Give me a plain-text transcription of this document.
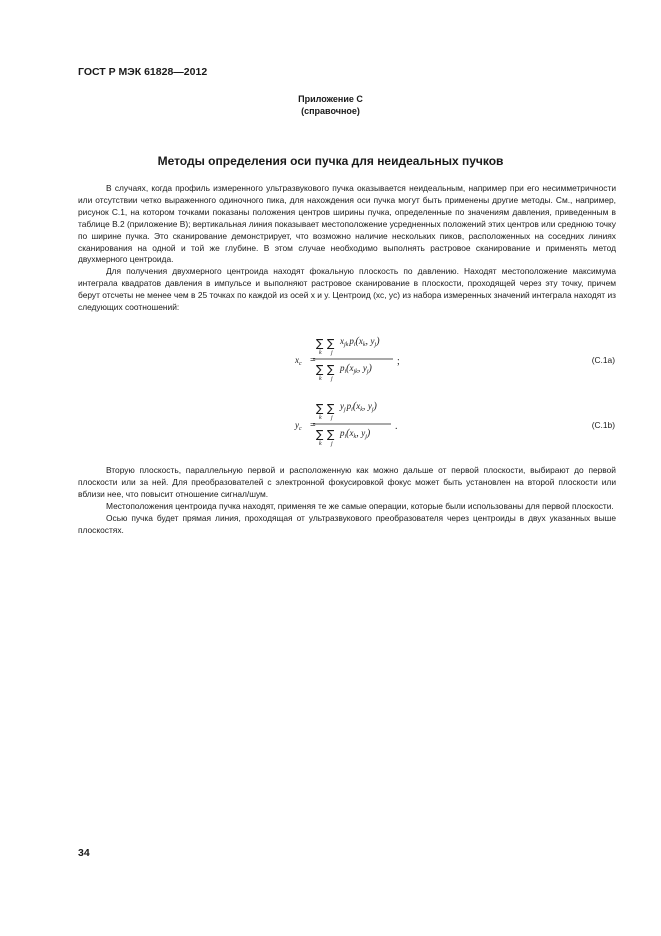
ГОСТ Р МЭК 61828—2012
Приложение С
(справочное)
Методы определения оси пучка для неидеальных пучков

В случаях, когда профиль измеренного ультразвукового пучка оказывается неидеальным, например при его несимметричности или отсутствии четко выраженного одиночного пика, для нахождения оси пучка могут быть применены другие методы. См., например, рисунок С.1, на котором точками показаны положения центров ширины пучка, определенные по значениям давления, приведенным в таблице В.2 (приложение В); вертикальная линия показывает местоположение усредненных положений этих центров или среднюю точку по ширине пучка. Это сканирование демонстрирует, что возможно наличие нескольких пиков, расположенных на соседних линиях сканирования на одной и той же глубине. В этом случае необходимо выполнять растровое сканирование и применять метод двухмерного центроида.

Для получения двухмерного центроида находят фокальную плоскость по давлению. Находят местоположение максимума интеграла квадратов давления в импульсе и выполняют растровое сканирование в плоскости, проходящей через эту точку, причем берут отсчеты не менее чем в 25 точках по каждой из осей x и y. Центроид (xc, yc) из набора измеренных значений интеграла находят из следующих соотношений:

$x_c$ =
∑ ∑
k j
$x_{jk}p_i(x_k$, $y_j$)
∑ ∑
k j
$p_i(x_{jk}$, $y_j$)
;	(С.1а)
$y_c$ =
∑ ∑
k j
$y_jp_i(x_k$, $y_j$)
∑ ∑
k j
$p_i(x_k$, $y_j$)
.	(С.1b)

Вторую плоскость, параллельную первой и расположенную как можно дальше от первой плоскости, выбирают до первой плоскости или за ней. Для преобразователей с электронной фокусировкой фокус может быть установлен на второй плоскости или вблизи нее, что повысит отношение сигнал/шум.

Местоположения центроида пучка находят, применяя те же самые операции, которые были использованы для первой плоскости.

Осью пучка будет прямая линия, проходящая от ультразвукового преобразователя через центроиды в двух указанных выше плоскостях.

34
